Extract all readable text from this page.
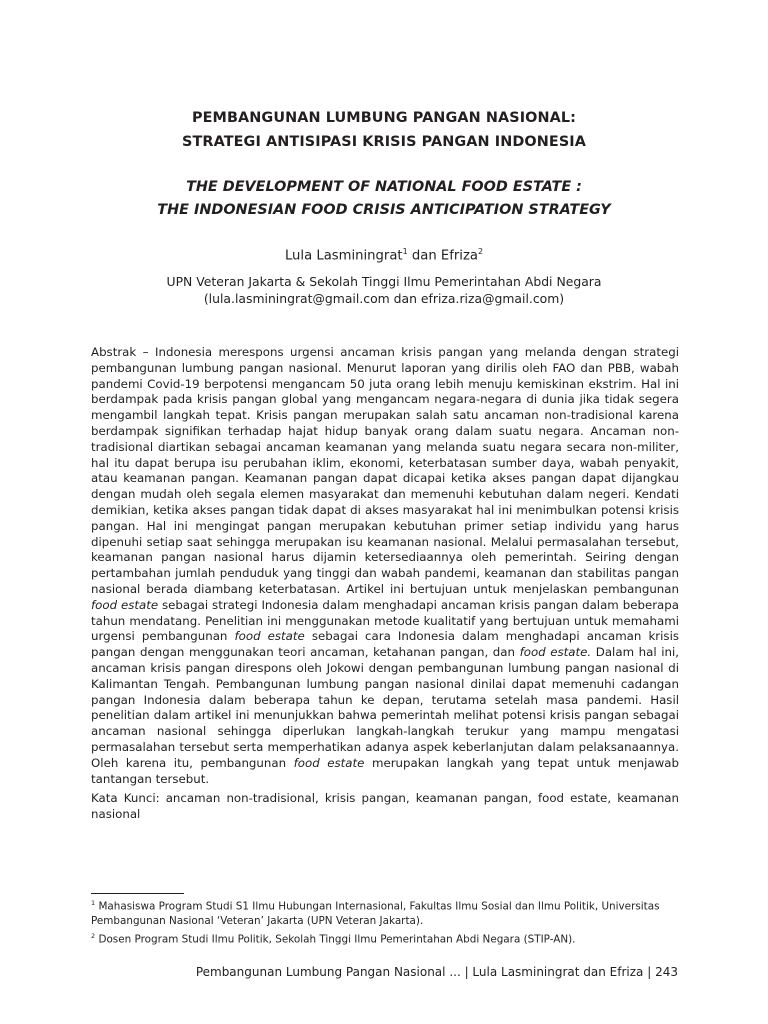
PEMBANGUNAN LUMBUNG PANGAN NASIONAL:
STRATEGI ANTISIPASI KRISIS PANGAN INDONESIA
THE DEVELOPMENT OF NATIONAL FOOD ESTATE :
THE INDONESIAN FOOD CRISIS ANTICIPATION STRATEGY
Lula Lasminingrat$^1$ dan Efriza$^2$
UPN Veteran Jakarta & Sekolah Tinggi Ilmu Pemerintahan Abdi Negara
(lula.lasminingrat@gmail.com dan efriza.riza@gmail.com)

Abstrak – Indonesia merespons urgensi ancaman krisis pangan yang melanda dengan strategi pembangunan lumbung pangan nasional. Menurut laporan yang dirilis oleh FAO dan PBB, wabah pandemi Covid-19 berpotensi mengancam 50 juta orang lebih menuju kemiskinan ekstrim. Hal ini berdampak pada krisis pangan global yang mengancam negara-negara di dunia jika tidak segera mengambil langkah tepat. Krisis pangan merupakan salah satu ancaman non-tradisional karena berdampak signifikan terhadap hajat hidup banyak orang dalam suatu negara. Ancaman non-tradisional diartikan sebagai ancaman keamanan yang melanda suatu negara secara non-militer, hal itu dapat berupa isu perubahan iklim, ekonomi, keterbatasan sumber daya, wabah penyakit, atau keamanan pangan. Keamanan pangan dapat dicapai ketika akses pangan dapat dijangkau dengan mudah oleh segala elemen masyarakat dan memenuhi kebutuhan dalam negeri. Kendati demikian, ketika akses pangan tidak dapat di akses masyarakat hal ini menimbulkan potensi krisis pangan. Hal ini mengingat pangan merupakan kebutuhan primer setiap individu yang harus dipenuhi setiap saat sehingga merupakan isu keamanan nasional. Melalui permasalahan tersebut, keamanan pangan nasional harus dijamin ketersediaannya oleh pemerintah. Seiring dengan pertambahan jumlah penduduk yang tinggi dan wabah pandemi, keamanan dan stabilitas pangan nasional berada diambang keterbatasan. Artikel ini bertujuan untuk menjelaskan pembangunan food estate sebagai strategi Indonesia dalam menghadapi ancaman krisis pangan dalam beberapa tahun mendatang. Penelitian ini menggunakan metode kualitatif yang bertujuan untuk memahami urgensi pembangunan food estate sebagai cara Indonesia dalam menghadapi ancaman krisis pangan dengan menggunakan teori ancaman, ketahanan pangan, dan food estate. Dalam hal ini, ancaman krisis pangan direspons oleh Jokowi dengan pembangunan lumbung pangan nasional di Kalimantan Tengah. Pembangunan lumbung pangan nasional dinilai dapat memenuhi cadangan pangan Indonesia dalam beberapa tahun ke depan, terutama setelah masa pandemi. Hasil penelitian dalam artikel ini menunjukkan bahwa pemerintah melihat potensi krisis pangan sebagai ancaman nasional sehingga diperlukan langkah-langkah terukur yang mampu mengatasi permasalahan tersebut serta memperhatikan adanya aspek keberlanjutan dalam pelaksanaannya. Oleh karena itu, pembangunan food estate merupakan langkah yang tepat untuk menjawab tantangan tersebut.

Kata Kunci: ancaman non-tradisional, krisis pangan, keamanan pangan, food estate, keamanan nasional

$^1$ Mahasiswa Program Studi S1 Ilmu Hubungan Internasional, Fakultas Ilmu Sosial dan Ilmu Politik, Universitas Pembangunan Nasional ‘Veteran’ Jakarta (UPN Veteran Jakarta).

$^2$ Dosen Program Studi Ilmu Politik, Sekolah Tinggi Ilmu Pemerintahan Abdi Negara (STIP-AN).

Pembangunan Lumbung Pangan Nasional ... | Lula Lasminingrat dan Efriza | 243
